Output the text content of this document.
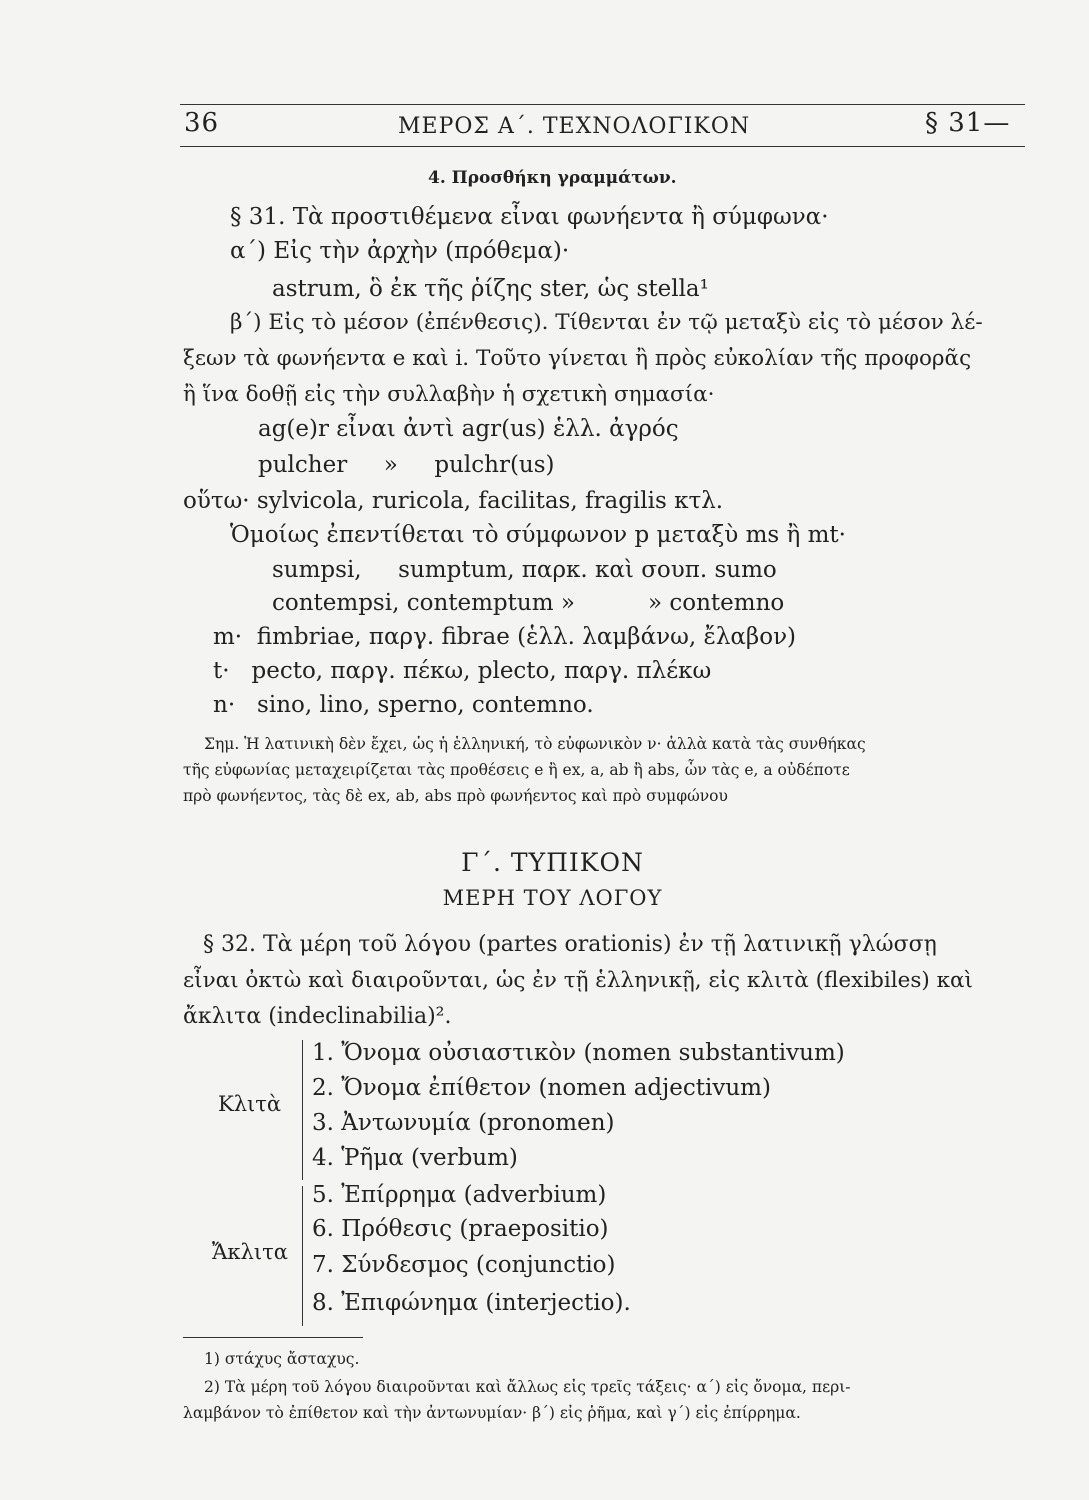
36	ΜΕΡΟΣ Α΄. ΤΕΧΝΟΛΟΓΙΚΟΝ	§ 31—
4. Προσθήκη γραμμάτων.
§ 31. Τὰ προστιθέμενα εἶναι φωνήεντα ἢ σύμφωνα·
α΄) Εἰς τὴν ἀρχὴν (πρόθεμα)·
astrum, ὃ ἐκ τῆς ῥίζης ster, ὡς stella¹
β΄) Εἰς τὸ μέσον (ἐπένθεσις). Τίθενται ἐν τῷ μεταξὺ εἰς τὸ μέσον λέ-
ξεων τὰ φωνήεντα e καὶ i. Τοῦτο γίνεται ἢ πρὸς εὐκολίαν τῆς προφορᾶς
ἢ ἵνα δοθῇ εἰς τὴν συλλαβὴν ἡ σχετικὴ σημασία·
ag(e)r εἶναι ἀντὶ agr(us) ἑλλ. ἀγρός
pulcher     »     pulchr(us)
οὕτω· sylvicola, ruricola, facilitas, fragilis κτλ.
Ὁμοίως ἐπεντίθεται τὸ σύμφωνον p μεταξὺ ms ἢ mt·
sumpsi,     sumptum, παρκ. καὶ σουπ. sumo
contempsi, contemptum »          » contemno
m·  fimbriae, παργ. fibrae (ἑλλ. λαμβάνω, ἔλαβον)
t·   pecto, παργ. πέκω, plecto, παργ. πλέκω
n·   sino, lino, sperno, contemno.
Σημ. Ἡ λατινικὴ δὲν ἔχει, ὡς ἡ ἑλληνική, τὸ εὐφωνικὸν ν· ἀλλὰ κατὰ τὰς συνθήκας
τῆς εὐφωνίας μεταχειρίζεται τὰς προθέσεις e ἢ ex, a, ab ἢ abs, ὧν τὰς e, a οὐδέποτε
πρὸ φωνήεντος, τὰς δὲ ex, ab, abs πρὸ φωνήεντος καὶ πρὸ συμφώνου
Γ΄. ΤΥΠΙΚΟΝ
ΜΕΡΗ ΤΟΥ ΛΟΓΟΥ
§ 32. Τὰ μέρη τοῦ λόγου (partes orationis) ἐν τῇ λατινικῇ γλώσσῃ
εἶναι ὀκτὼ καὶ διαιροῦνται, ὡς ἐν τῇ ἑλληνικῇ, εἰς κλιτὰ (flexibiles) καὶ
ἄκλιτα (indeclinabilia)².
Κλιτὰ
Ἄκλιτα
1. Ὄνομα οὐσιαστικὸν (nomen substantivum)
2. Ὄνομα ἐπίθετον (nomen adjectivum)
3. Ἀντωνυμία (pronomen)
4. Ῥῆμα (verbum)
5. Ἐπίρρημα (adverbium)
6. Πρόθεσις (praepositio)
7. Σύνδεσμος (conjunctio)
8. Ἐπιφώνημα (interjectio).
1) στάχυς ἄσταχυς.
2) Τὰ μέρη τοῦ λόγου διαιροῦνται καὶ ἄλλως εἰς τρεῖς τάξεις· α΄) εἰς ὄνομα, περι-
λαμβάνον τὸ ἐπίθετον καὶ τὴν ἀντωνυμίαν· β΄) εἰς ῥῆμα, καὶ γ΄) εἰς ἐπίρρημα.
